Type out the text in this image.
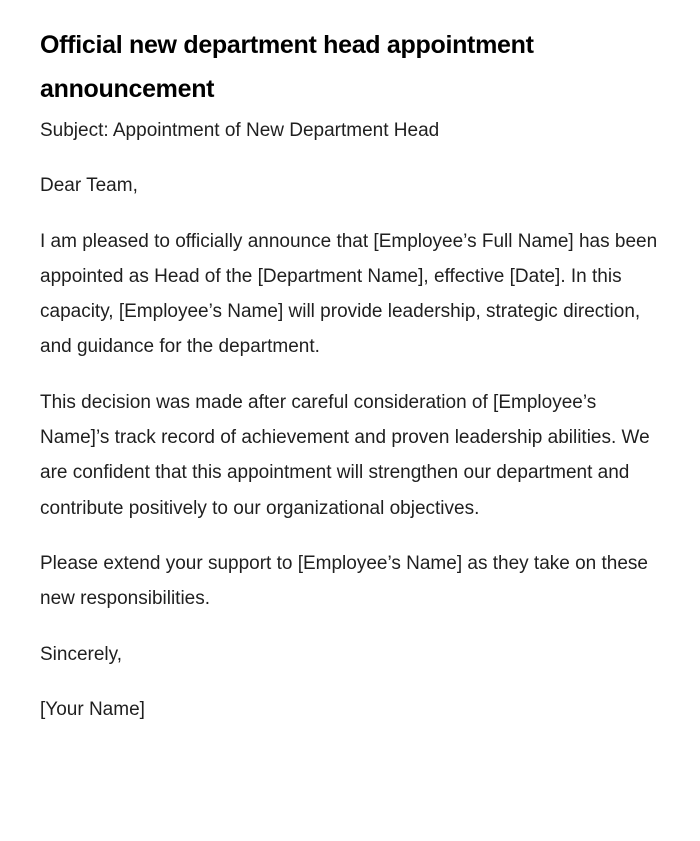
Official new department head appointment announcement

Subject: Appointment of New Department Head

Dear Team,

I am pleased to officially announce that [Employee’s Full Name] has been appointed as Head of the [Department Name], effective [Date]. In this capacity, [Employee’s Name] will provide leadership, strategic direction, and guidance for the department.

This decision was made after careful consideration of [Employee’s Name]’s track record of achievement and proven leadership abilities. We are confident that this appointment will strengthen our department and contribute positively to our organizational objectives.

Please extend your support to [Employee’s Name] as they take on these new responsibilities.

Sincerely,

[Your Name]
